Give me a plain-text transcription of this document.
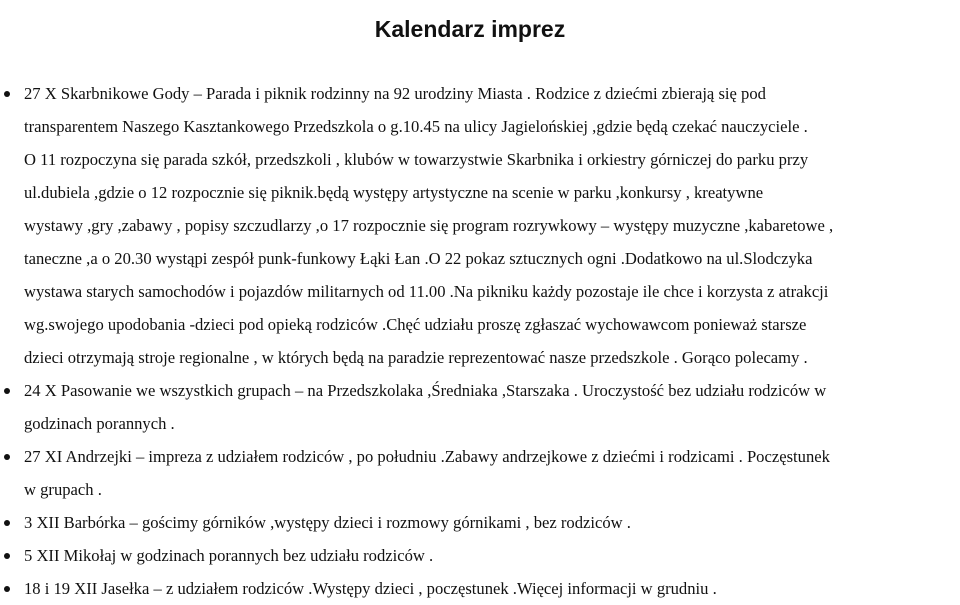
Kalendarz imprez
27 X Skarbnikowe Gody – Parada i piknik rodzinny na 92 urodziny Miasta . Rodzice z dziećmi zbierają się pod
transparentem Naszego Kasztankowego Przedszkola o g.10.45 na ulicy Jagielońskiej ,gdzie będą czekać nauczyciele .
O 11 rozpoczyna się parada szkół, przedszkoli , klubów w towarzystwie Skarbnika i orkiestry górniczej do parku przy
ul.dubiela ,gdzie o 12 rozpocznie się piknik.będą występy artystyczne na scenie w parku ,konkursy , kreatywne
wystawy ,gry ,zabawy , popisy szczudlarzy ,o 17 rozpocznie się program rozrywkowy – występy muzyczne ,kabaretowe ,
taneczne ,a o 20.30 wystąpi zespół punk-funkowy Łąki Łan .O 22 pokaz sztucznych ogni .Dodatkowo na ul.Slodczyka
wystawa starych samochodów i pojazdów militarnych od 11.00 .Na pikniku każdy pozostaje ile chce i korzysta z atrakcji
wg.swojego upodobania -dzieci pod opieką rodziców .Chęć udziału proszę zgłaszać wychowawcom ponieważ starsze
dzieci otrzymają stroje regionalne , w których będą na paradzie reprezentować nasze przedszkole . Gorąco polecamy .
24 X Pasowanie we wszystkich grupach – na Przedszkolaka ,Średniaka ,Starszaka . Uroczystość bez udziału rodziców w
godzinach porannych .
27 XI Andrzejki – impreza z udziałem rodziców , po południu .Zabawy andrzejkowe z dziećmi i rodzicami . Poczęstunek
w grupach .
3 XII Barbórka – gościmy górników ,występy dzieci i rozmowy górnikami , bez rodziców .
5 XII Mikołaj w godzinach porannych bez udziału rodziców .
18 i 19 XII Jasełka – z udziałem rodziców .Występy dzieci , poczęstunek .Więcej informacji w grudniu .
